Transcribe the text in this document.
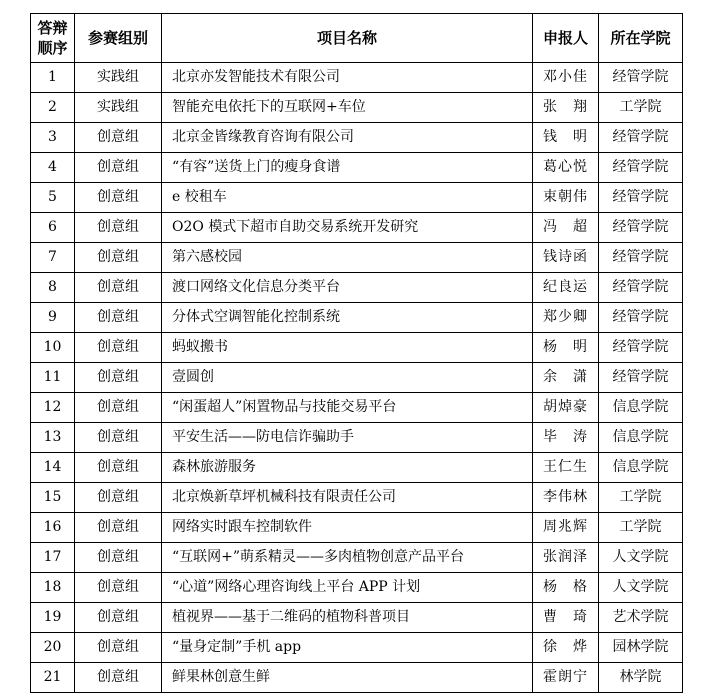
答辩顺序	参赛组别	项目名称	申报人	所在学院
1	实践组	北京亦发智能技术有限公司	邓小佳	经管学院
2	实践组	智能充电依托下的互联网+车位	张　翔	工学院
3	创意组	北京金皆缘教育咨询有限公司	钱　明	经管学院
4	创意组	“有容”送货上门的瘦身食谱	葛心悦	经管学院
5	创意组	e 校租车	束朝伟	经管学院
6	创意组	O2O 模式下超市自助交易系统开发研究	冯　超	经管学院
7	创意组	第六感校园	钱诗函	经管学院
8	创意组	渡口网络文化信息分类平台	纪良运	经管学院
9	创意组	分体式空调智能化控制系统	郑少卿	经管学院
10	创意组	蚂蚁搬书	杨　明	经管学院
11	创意组	壹圆创	余　潇	经管学院
12	创意组	“闲蛋超人”闲置物品与技能交易平台	胡焯豪	信息学院
13	创意组	平安生活——防电信诈骗助手	毕　涛	信息学院
14	创意组	森林旅游服务	王仁生	信息学院
15	创意组	北京焕新草坪机械科技有限责任公司	李伟林	工学院
16	创意组	网络实时跟车控制软件	周兆辉	工学院
17	创意组	“互联网+”萌系精灵——多肉植物创意产品平台	张润泽	人文学院
18	创意组	“心道”网络心理咨询线上平台 APP 计划	杨　格	人文学院
19	创意组	植视界——基于二维码的植物科普项目	曹　琦	艺术学院
20	创意组	“量身定制”手机 app	徐　烨	园林学院
21	创意组	鲜果林创意生鲜	霍朗宁	林学院
